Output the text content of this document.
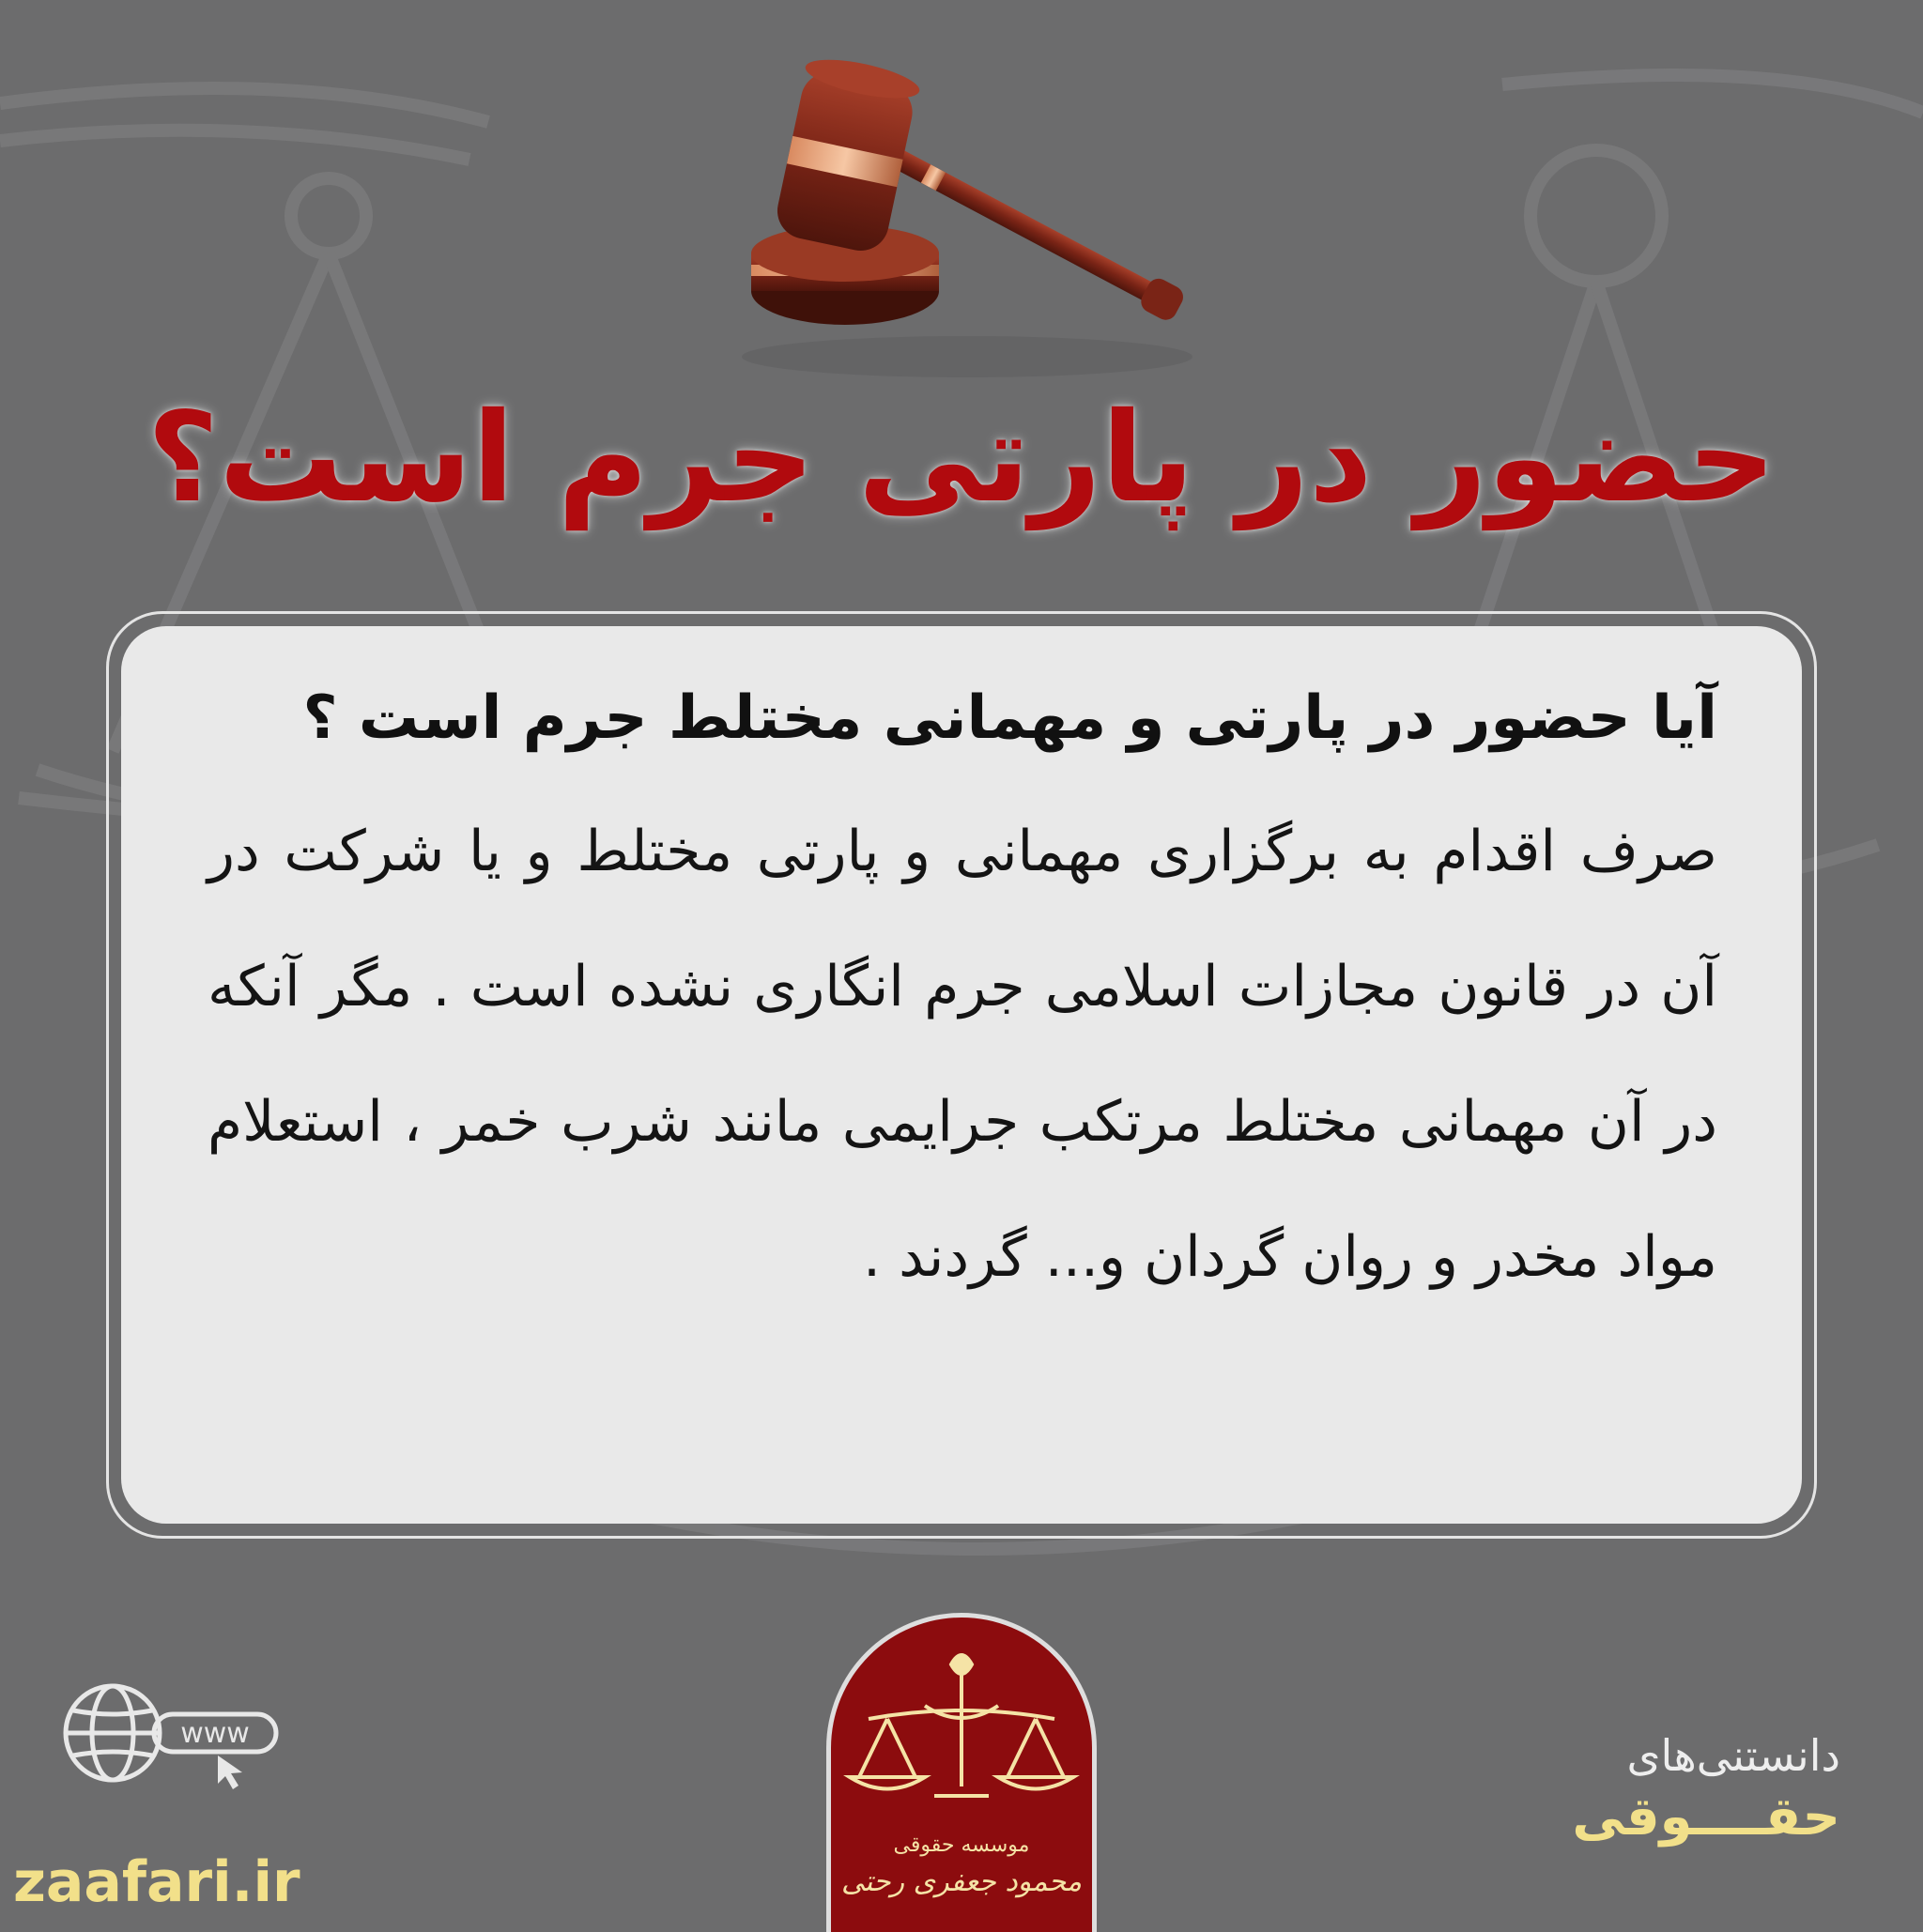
حضور در پارتی جرم است؟

آیا حضور در پارتی و مهمانی مختلط جرم است ؟

صرف اقدام به برگزاری مهمانی و پارتی مختلط و یا شرکت در آن در قانون مجازات اسلامی جرم انگاری نشده است . مگر آنکه در آن مهمانی مختلط مرتکب جرایمی مانند شرب خمر ، استعلام مواد مخدر و روان گردان و... گردند .

www
zaafari.ir
موسسه حقوقی
محمود جعفری رحتی
دانستنی‌های
حقــــوقی
